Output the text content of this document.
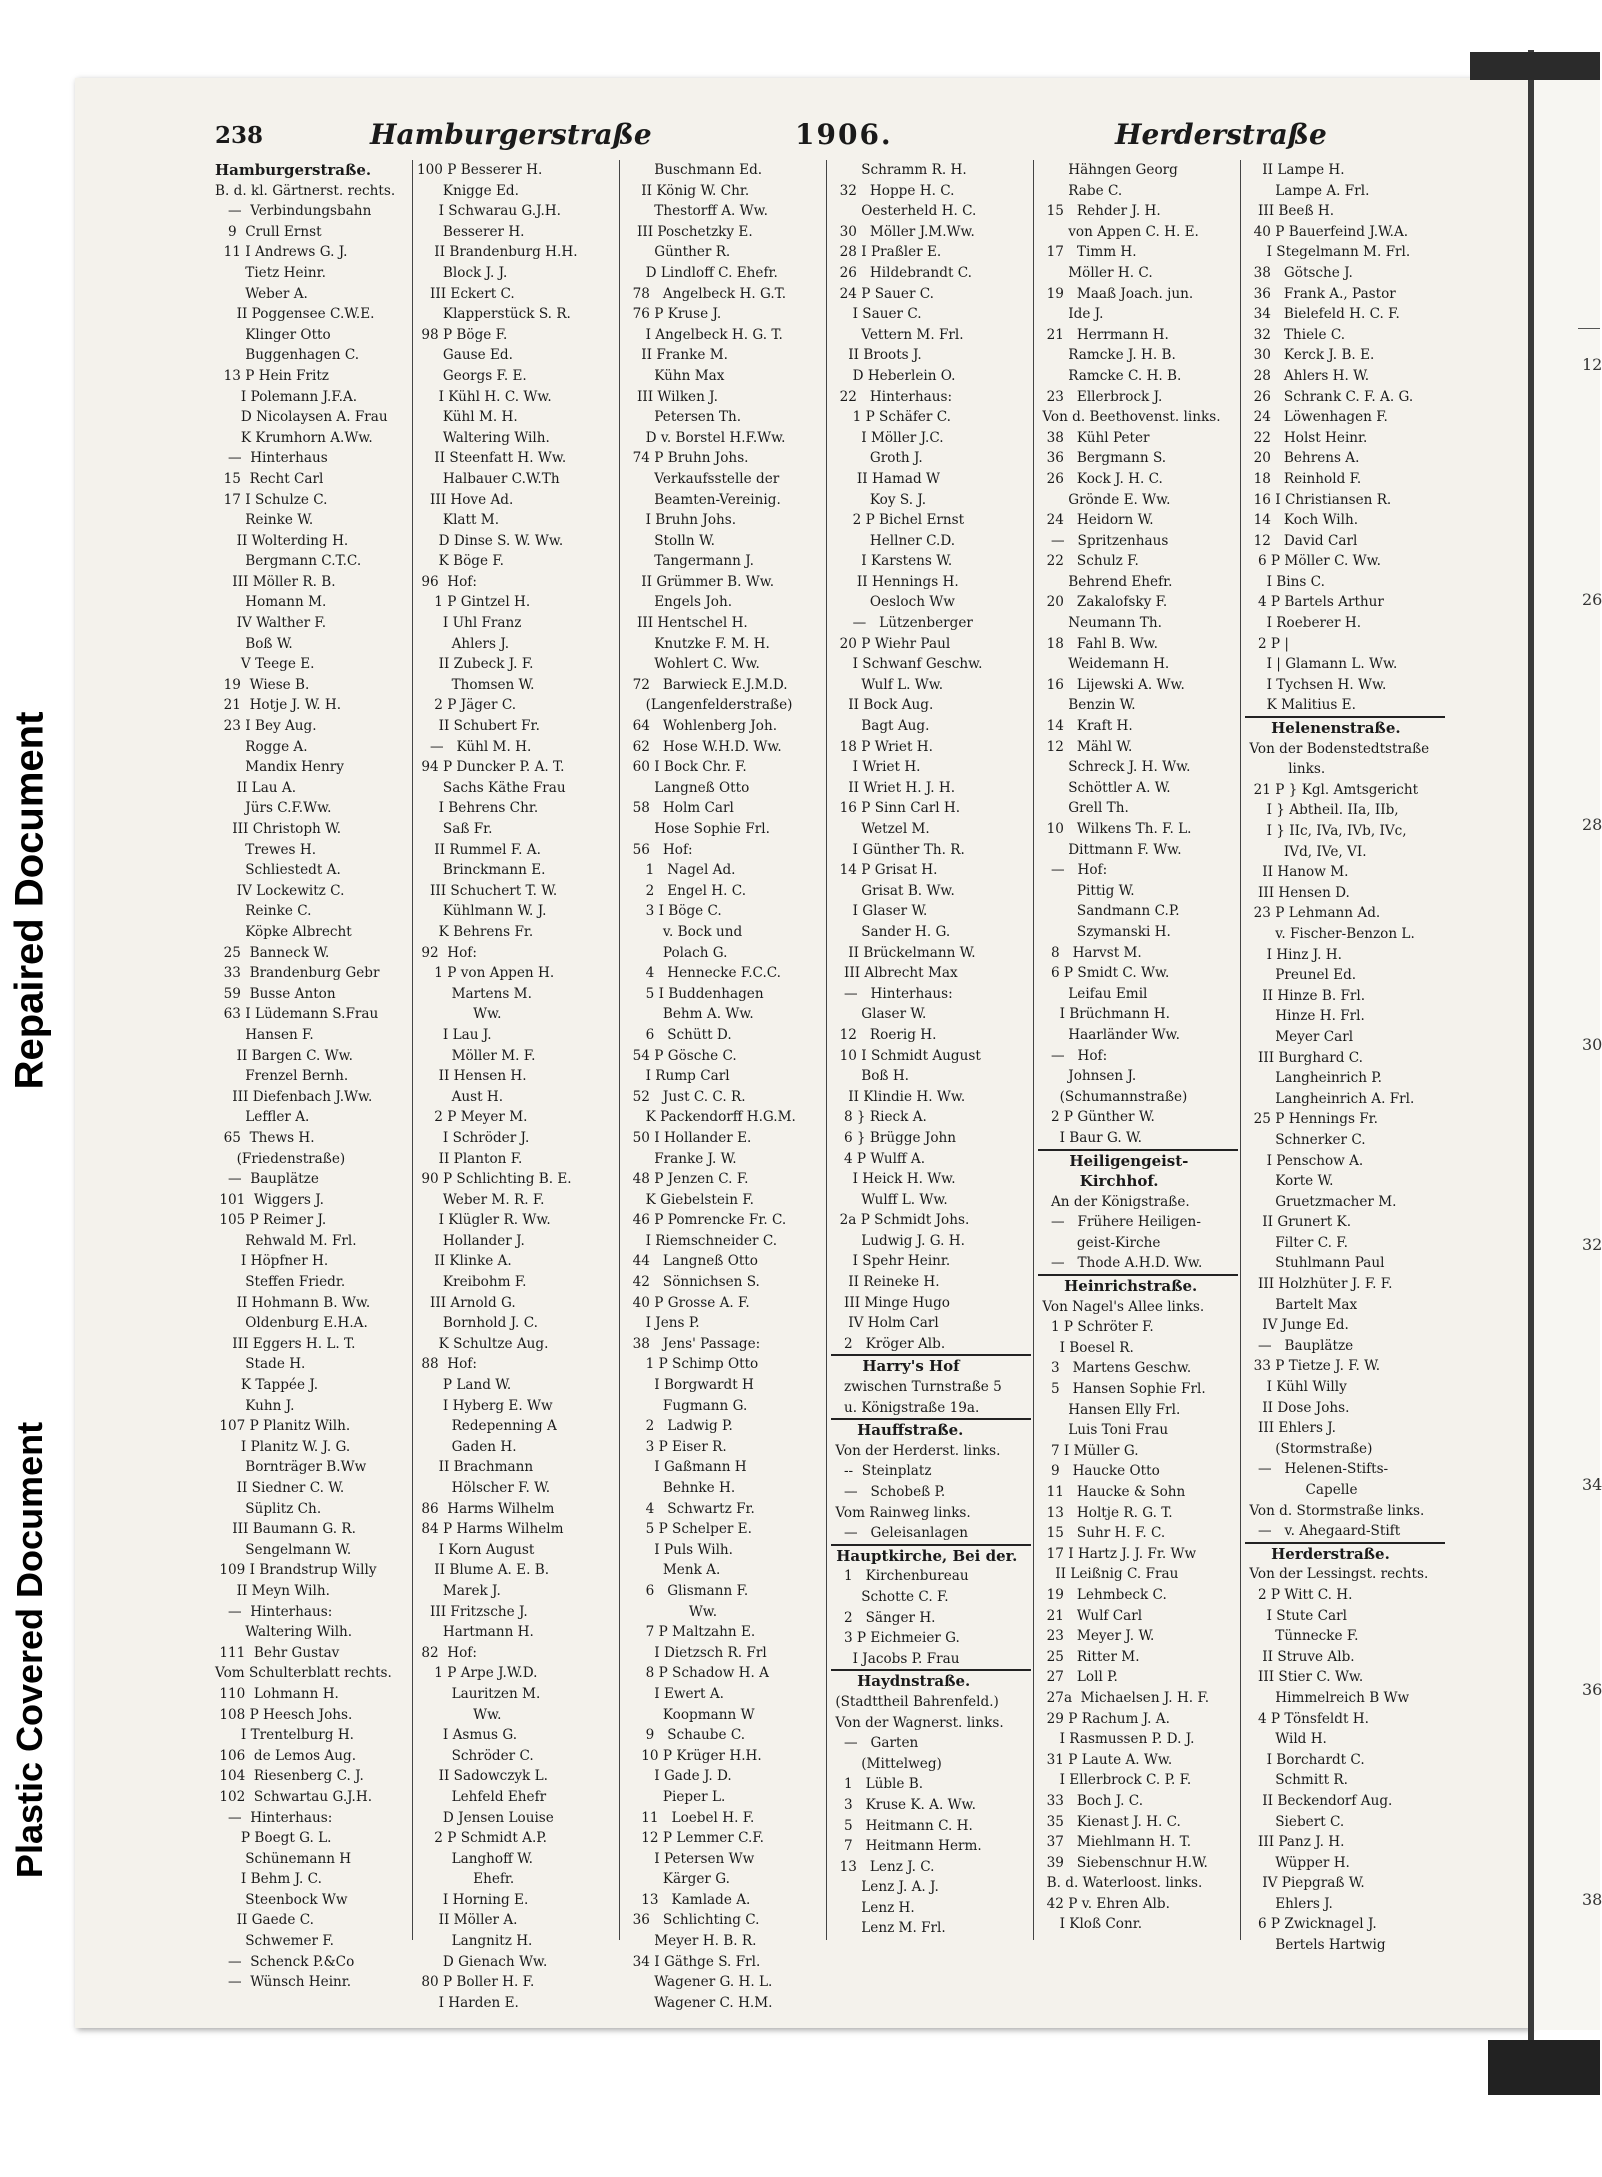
Repaired Document
Plastic Covered Document
12
26
28
30
32
34
36
38
238	Hamburgerstraße	1906.	Herderstraße
Hamburgerstraße.
B. d. kl. Gärtnerst. rechts.
—  Verbindungsbahn
9  Crull Ernst
11 I Andrews G. J.
Tietz Heinr.
Weber A.
II Poggensee C.W.E.
Klinger Otto
Buggenhagen C.
13 P Hein Fritz
I Polemann J.F.A.
D Nicolaysen A. Frau
K Krumhorn A.Ww.
—  Hinterhaus
15  Recht Carl
17 I Schulze C.
Reinke W.
II Wolterding H.
Bergmann C.T.C.
III Möller R. B.
Homann M.
IV Walther F.
Boß W.
V Teege E.
19  Wiese B.
21  Hotje J. W. H.
23 I Bey Aug.
Rogge A.
Mandix Henry
II Lau A.
Jürs C.F.Ww.
III Christoph W.
Trewes H.
Schliestedt A.
IV Lockewitz C.
Reinke C.
Köpke Albrecht
25  Banneck W.
33  Brandenburg Gebr
59  Busse Anton
63 I Lüdemann S.Frau
Hansen F.
II Bargen C. Ww.
Frenzel Bernh.
III Diefenbach J.Ww.
Leffler A.
65  Thews H.
(Friedenstraße)
—  Bauplätze
101  Wiggers J.
105 P Reimer J.
Rehwald M. Frl.
I Höpfner H.
Steffen Friedr.
II Hohmann B. Ww.
Oldenburg E.H.A.
III Eggers H. L. T.
Stade H.
K Tappée J.
Kuhn J.
107 P Planitz Wilh.
I Planitz W. J. G.
Bornträger B.Ww
II Siedner C. W.
Süplitz Ch.
III Baumann G. R.
Sengelmann W.
109 I Brandstrup Willy
II Meyn Wilh.
—  Hinterhaus:
Waltering Wilh.
111  Behr Gustav
Vom Schulterblatt rechts.
110  Lohmann H.
108 P Heesch Johs.
I Trentelburg H.
106  de Lemos Aug.
104  Riesenberg C. J.
102  Schwartau G.J.H.
—  Hinterhaus:
P Boegt G. L.
Schünemann H
I Behm J. C.
Steenbock Ww
II Gaede C.
Schwemer F.
—  Schenck P.&Co
—  Wünsch Heinr.
100 P Besserer H.
Knigge Ed.
I Schwarau G.J.H.
Besserer H.
II Brandenburg H.H.
Block J. J.
III Eckert C.
Klapperstück S. R.
98 P Böge F.
Gause Ed.
Georgs F. E.
I Kühl H. C. Ww.
Kühl M. H.
Waltering Wilh.
II Steenfatt H. Ww.
Halbauer C.W.Th
III Hove Ad.
Klatt M.
D Dinse S. W. Ww.
K Böge F.
96  Hof:
1 P Gintzel H.
I Uhl Franz
Ahlers J.
II Zubeck J. F.
Thomsen W.
2 P Jäger C.
II Schubert Fr.
—   Kühl M. H.
94 P Duncker P. A. T.
Sachs Käthe Frau
I Behrens Chr.
Saß Fr.
II Rummel F. A.
Brinckmann E.
III Schuchert T. W.
Kühlmann W. J.
K Behrens Fr.
92  Hof:
1 P von Appen H.
Martens M.
Ww.
I Lau J.
Möller M. F.
II Hensen H.
Aust H.
2 P Meyer M.
I Schröder J.
II Planton F.
90 P Schlichting B. E.
Weber M. R. F.
I Klügler R. Ww.
Hollander J.
II Klinke A.
Kreibohm F.
III Arnold G.
Bornhold J. C.
K Schultze Aug.
88  Hof:
P Land W.
I Hyberg E. Ww
Redepenning A
Gaden H.
II Brachmann
Hölscher F. W.
86  Harms Wilhelm
84 P Harms Wilhelm
I Korn August
II Blume A. E. B.
Marek J.
III Fritzsche J.
Hartmann H.
82  Hof:
1 P Arpe J.W.D.
Lauritzen M.
Ww.
I Asmus G.
Schröder C.
II Sadowczyk L.
Lehfeld Ehefr
D Jensen Louise
2 P Schmidt A.P.
Langhoff W.
Ehefr.
I Horning E.
II Möller A.
Langnitz H.
D Gienach Ww.
80 P Boller H. F.
I Harden E.
Buschmann Ed.
II König W. Chr.
Thestorff A. Ww.
III Poschetzky E.
Günther R.
D Lindloff C. Ehefr.
78   Angelbeck H. G.T.
76 P Kruse J.
I Angelbeck H. G. T.
II Franke M.
Kühn Max
III Wilken J.
Petersen Th.
D v. Borstel H.F.Ww.
74 P Bruhn Johs.
Verkaufsstelle der
Beamten-Vereinig.
I Bruhn Johs.
Stolln W.
Tangermann J.
II Grümmer B. Ww.
Engels Joh.
III Hentschel H.
Knutzke F. M. H.
Wohlert C. Ww.
72   Barwieck E.J.M.D.
(Langenfelderstraße)
64   Wohlenberg Joh.
62   Hose W.H.D. Ww.
60 I Bock Chr. F.
Langneß Otto
58   Holm Carl
Hose Sophie Frl.
56   Hof:
1   Nagel Ad.
2   Engel H. C.
3 I Böge C.
v. Bock und
Polach G.
4   Hennecke F.C.C.
5 I Buddenhagen
Behm A. Ww.
6   Schütt D.
54 P Gösche C.
I Rump Carl
52   Just C. C. R.
K Packendorff H.G.M.
50 I Hollander E.
Franke J. W.
48 P Jenzen C. F.
K Giebelstein F.
46 P Pomrencke Fr. C.
I Riemschneider C.
44   Langneß Otto
42   Sönnichsen S.
40 P Grosse A. F.
I Jens P.
38   Jens' Passage:
1 P Schimp Otto
I Borgwardt H
Fugmann G.
2   Ladwig P.
3 P Eiser R.
I Gaßmann H
Behnke H.
4   Schwartz Fr.
5 P Schelper E.
I Puls Wilh.
Menk A.
6   Glismann F.
Ww.
7 P Maltzahn E.
I Dietzsch R. Frl
8 P Schadow H. A
I Ewert A.
Koopmann W
9   Schaube C.
10 P Krüger H.H.
I Gade J. D.
Pieper L.
11   Loebel H. F.
12 P Lemmer C.F.
I Petersen Ww
Kärger G.
13   Kamlade A.
36   Schlichting C.
Meyer H. B. R.
34 I Gäthge S. Frl.
Wagener G. H. L.
Wagener C. H.M.
Schramm R. H.
32   Hoppe H. C.
Oesterheld H. C.
30   Möller J.M.Ww.
28 I Praßler E.
26   Hildebrandt C.
24 P Sauer C.
I Sauer C.
Vettern M. Frl.
II Broots J.
D Heberlein O.
22   Hinterhaus:
1 P Schäfer C.
I Möller J.C.
Groth J.
II Hamad W
Koy S. J.
2 P Bichel Ernst
Hellner C.D.
I Karstens W.
II Hennings H.
Oesloch Ww
—   Lützenberger
20 P Wiehr Paul
I Schwanf Geschw.
Wulf L. Ww.
II Bock Aug.
Bagt Aug.
18 P Wriet H.
I Wriet H.
II Wriet H. J. H.
16 P Sinn Carl H.
Wetzel M.
I Günther Th. R.
14 P Grisat H.
Grisat B. Ww.
I Glaser W.
Sander H. G.
II Brückelmann W.
III Albrecht Max
—   Hinterhaus:
Glaser W.
12   Roerig H.
10 I Schmidt August
Boß H.
II Klindie H. Ww.
8 } Rieck A.
6 } Brügge John
4 P Wulff A.
I Heick H. Ww.
Wulff L. Ww.
2a P Schmidt Johs.
Ludwig J. G. H.
I Spehr Heinr.
II Reineke H.
III Minge Hugo
IV Holm Carl
2   Kröger Alb.
Harry's Hof
zwischen Turnstraße 5
u. Königstraße 19a.
Hauffstraße.
Von der Herderst. links.
--  Steinplatz
—   Schobeß P.
Vom Rainweg links.
—   Geleisanlagen
Hauptkirche, Bei der.
1   Kirchenbureau
Schotte C. F.
2   Sänger H.
3 P Eichmeier G.
I Jacobs P. Frau
Haydnstraße.
(Stadttheil Bahrenfeld.)
Von der Wagnerst. links.
—   Garten
(Mittelweg)
1   Lüble B.
3   Kruse K. A. Ww.
5   Heitmann C. H.
7   Heitmann Herm.
13   Lenz J. C.
Lenz J. A. J.
Lenz H.
Lenz M. Frl.
Hähngen Georg
Rabe C.
15   Rehder J. H.
von Appen C. H. E.
17   Timm H.
Möller H. C.
19   Maaß Joach. jun.
Ide J.
21   Herrmann H.
Ramcke J. H. B.
Ramcke C. H. B.
23   Ellerbrock J.
Von d. Beethovenst. links.
38   Kühl Peter
36   Bergmann S.
26   Kock J. H. C.
Grönde E. Ww.
24   Heidorn W.
—   Spritzenhaus
22   Schulz F.
Behrend Ehefr.
20   Zakalofsky F.
Neumann Th.
18   Fahl B. Ww.
Weidemann H.
16   Lijewski A. Ww.
Benzin W.
14   Kraft H.
12   Mähl W.
Schreck J. H. Ww.
Schöttler A. W.
Grell Th.
10   Wilkens Th. F. L.
Dittmann F. Ww.
—   Hof:
Pittig W.
Sandmann C.P.
Szymanski H.
8   Harvst M.
6 P Smidt C. Ww.
Leifau Emil
I Brüchmann H.
Haarländer Ww.
—   Hof:
Johnsen J.
(Schumannstraße)
2 P Günther W.
I Baur G. W.
Heiligengeist-
Kirchhof.
An der Königstraße.
—   Frühere Heiligen-
geist-Kirche
—   Thode A.H.D. Ww.
Heinrichstraße.
Von Nagel's Allee links.
1 P Schröter F.
I Boesel R.
3   Martens Geschw.
5   Hansen Sophie Frl.
Hansen Elly Frl.
Luis Toni Frau
7 I Müller G.
9   Haucke Otto
11   Haucke & Sohn
13   Holtje R. G. T.
15   Suhr H. F. C.
17 I Hartz J. J. Fr. Ww
II Leißnig C. Frau
19   Lehmbeck C.
21   Wulf Carl
23   Meyer J. W.
25   Ritter M.
27   Loll P.
27a  Michaelsen J. H. F.
29 P Rachum J. A.
I Rasmussen P. D. J.
31 P Laute A. Ww.
I Ellerbrock C. P. F.
33   Boch J. C.
35   Kienast J. H. C.
37   Miehlmann H. T.
39   Siebenschnur H.W.
B. d. Waterloost. links.
42 P v. Ehren Alb.
I Kloß Conr.
II Lampe H.
Lampe A. Frl.
III Beeß H.
40 P Bauerfeind J.W.A.
I Stegelmann M. Frl.
38   Götsche J.
36   Frank A., Pastor
34   Bielefeld H. C. F.
32   Thiele C.
30   Kerck J. B. E.
28   Ahlers H. W.
26   Schrank C. F. A. G.
24   Löwenhagen F.
22   Holst Heinr.
20   Behrens A.
18   Reinhold F.
16 I Christiansen R.
14   Koch Wilh.
12   David Carl
6 P Möller C. Ww.
I Bins C.
4 P Bartels Arthur
I Roeberer H.
2 P |
I | Glamann L. Ww.
I Tychsen H. Ww.
K Malitius E.
Helenenstraße.
Von der Bodenstedtstraße
links.
21 P } Kgl. Amtsgericht
I } Abtheil. IIa, IIb,
I } IIc, IVa, IVb, IVc,
IVd, IVe, VI.
II Hanow M.
III Hensen D.
23 P Lehmann Ad.
v. Fischer-Benzon L.
I Hinz J. H.
Preunel Ed.
II Hinze B. Frl.
Hinze H. Frl.
Meyer Carl
III Burghard C.
Langheinrich P.
Langheinrich A. Frl.
25 P Hennings Fr.
Schnerker C.
I Penschow A.
Korte W.
Gruetzmacher M.
II Grunert K.
Filter C. F.
Stuhlmann Paul
III Holzhüter J. F. F.
Bartelt Max
IV Junge Ed.
—   Bauplätze
33 P Tietze J. F. W.
I Kühl Willy
II Dose Johs.
III Ehlers J.
(Stormstraße)
—   Helenen-Stifts-
Capelle
Von d. Stormstraße links.
—   v. Ahegaard-Stift
Herderstraße.
Von der Lessingst. rechts.
2 P Witt C. H.
I Stute Carl
Tünnecke F.
II Struve Alb.
III Stier C. Ww.
Himmelreich B Ww
4 P Tönsfeldt H.
Wild H.
I Borchardt C.
Schmitt R.
II Beckendorf Aug.
Siebert C.
III Panz J. H.
Wüpper H.
IV Piepgraß W.
Ehlers J.
6 P Zwicknagel J.
Bertels Hartwig
